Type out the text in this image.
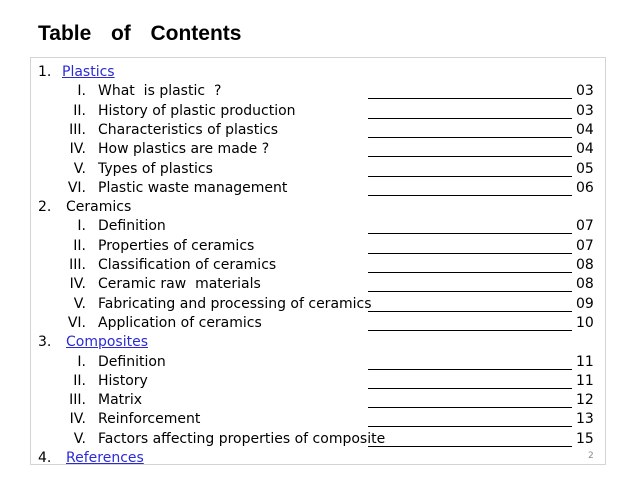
Table  of  Contents
1. Plastics
I. What  is plastic  ?	03
II. History of plastic production	03
III. Characteristics of plastics	04
IV. How plastics are made ?	04
V. Types of plastics	05
VI. Plastic waste management	06
2. Ceramics
I. Definition	07
II. Properties of ceramics	07
III. Classification of ceramics	08
IV. Ceramic raw  materials	08
V. Fabricating and processing of ceramics	09
VI. Application of ceramics	10
3. Composites
I. Definition	11
II. History	11
III. Matrix	12
IV. Reinforcement	13
V. Factors affecting properties of composite	15
4. References	2
